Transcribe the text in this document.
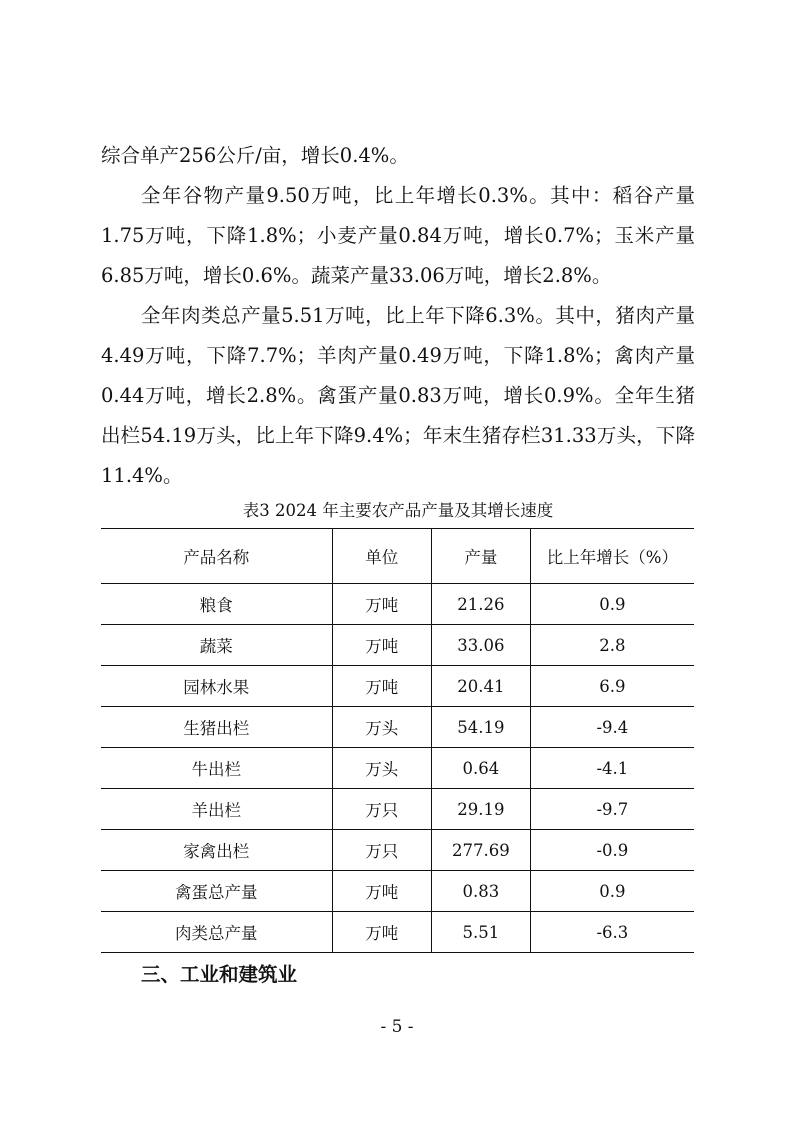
综合单产256公斤/亩，增长0.4%。

全年谷物产量9.50万吨，比上年增长0.3%。其中：稻谷产量1.75万吨，下降1.8%；小麦产量0.84万吨，增长0.7%；玉米产量6.85万吨，增长0.6%。蔬菜产量33.06万吨，增长2.8%。

全年肉类总产量5.51万吨，比上年下降6.3%。其中，猪肉产量4.49万吨，下降7.7%；羊肉产量0.49万吨，下降1.8%；禽肉产量0.44万吨，增长2.8%。禽蛋产量0.83万吨，增长0.9%。全年生猪出栏54.19万头，比上年下降9.4%；年末生猪存栏31.33万头，下降11.4%。

表3 2024 年主要农产品产量及其增长速度
产品名称	单位	产量	比上年增长（%）
粮食	万吨	21.26	0.9
蔬菜	万吨	33.06	2.8
园林水果	万吨	20.41	6.9
生猪出栏	万头	54.19	-9.4
牛出栏	万头	0.64	-4.1
羊出栏	万只	29.19	-9.7
家禽出栏	万只	277.69	-0.9
禽蛋总产量	万吨	0.83	0.9
肉类总产量	万吨	5.51	-6.3
三、工业和建筑业
- 5 -
